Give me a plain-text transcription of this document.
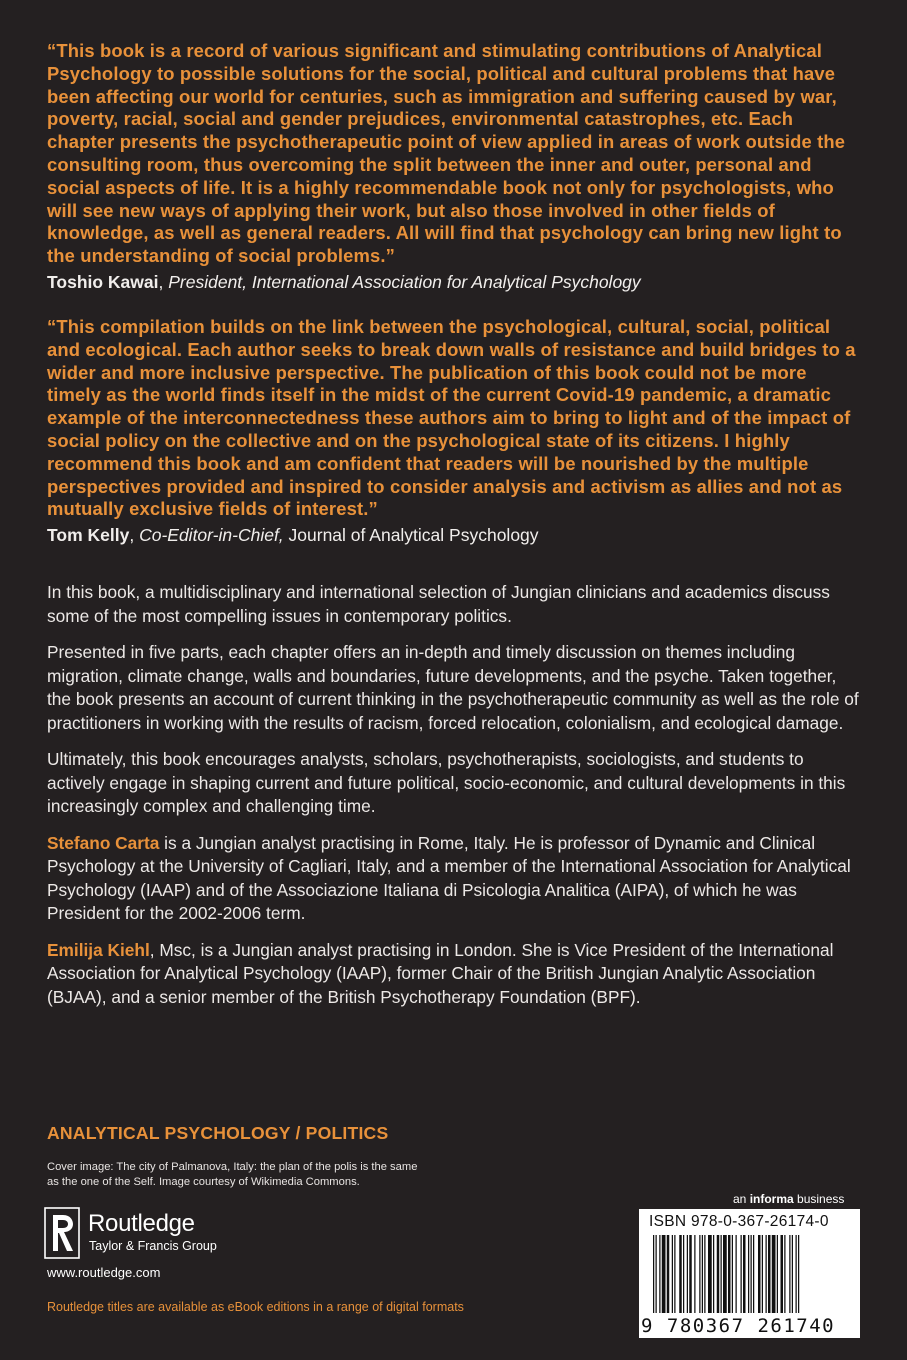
“This book is a record of various significant and stimulating contributions of Analytical Psychology to possible solutions for the social, political and cultural problems that have been affecting our world for centuries, such as immigration and suffering caused by war, poverty, racial, social and gender prejudices, environmental catastrophes, etc. Each chapter presents the psychotherapeutic point of view applied in areas of work outside the consulting room, thus overcoming the split between the inner and outer, personal and social aspects of life. It is a highly recommendable book not only for psychologists, who will see new ways of applying their work, but also those involved in other fields of knowledge, as well as general readers. All will find that psychology can bring new light to the understanding of social problems.”

Toshio Kawai, President, International Association for Analytical Psychology

“This compilation builds on the link between the psychological, cultural, social, political and ecological. Each author seeks to break down walls of resistance and build bridges to a wider and more inclusive perspective. The publication of this book could not be more timely as the world finds itself in the midst of the current Covid-19 pandemic, a dramatic example of the interconnectedness these authors aim to bring to light and of the impact of social policy on the collective and on the psychological state of its citizens. I highly recommend this book and am confident that readers will be nourished by the multiple perspectives provided and inspired to consider analysis and activism as allies and not as mutually exclusive fields of interest.”

Tom Kelly, Co-Editor-in-Chief, Journal of Analytical Psychology

In this book, a multidisciplinary and international selection of Jungian clinicians and academics discuss some of the most compelling issues in contemporary politics.

Presented in five parts, each chapter offers an in-depth and timely discussion on themes including migration, climate change, walls and boundaries, future developments, and the psyche. Taken together, the book presents an account of current thinking in the psychotherapeutic community as well as the role of practitioners in working with the results of racism, forced relocation, colonialism, and ecological damage.

Ultimately, this book encourages analysts, scholars, psychotherapists, sociologists, and students to actively engage in shaping current and future political, socio-economic, and cultural developments in this increasingly complex and challenging time.

Stefano Carta is a Jungian analyst practising in Rome, Italy. He is professor of Dynamic and Clinical Psychology at the University of Cagliari, Italy, and a member of the International Association for Analytical Psychology (IAAP) and of the Associazione Italiana di Psicologia Analitica (AIPA), of which he was President for the 2002-2006 term.

Emilija Kiehl, Msc, is a Jungian analyst practising in London. She is Vice President of the International Association for Analytical Psychology (IAAP), former Chair of the British Jungian Analytic Association (BJAA), and a senior member of the British Psychotherapy Foundation (BPF).

ANALYTICAL PSYCHOLOGY / POLITICS
Cover image: The city of Palmanova, Italy: the plan of the polis is the same as the one of the Self. Image courtesy of Wikimedia Commons.
Routledge
Taylor & Francis Group
www.routledge.com
Routledge titles are available as eBook editions in a range of digital formats
an informa business
ISBN 978-0-367-26174-0
9 780367 261740
